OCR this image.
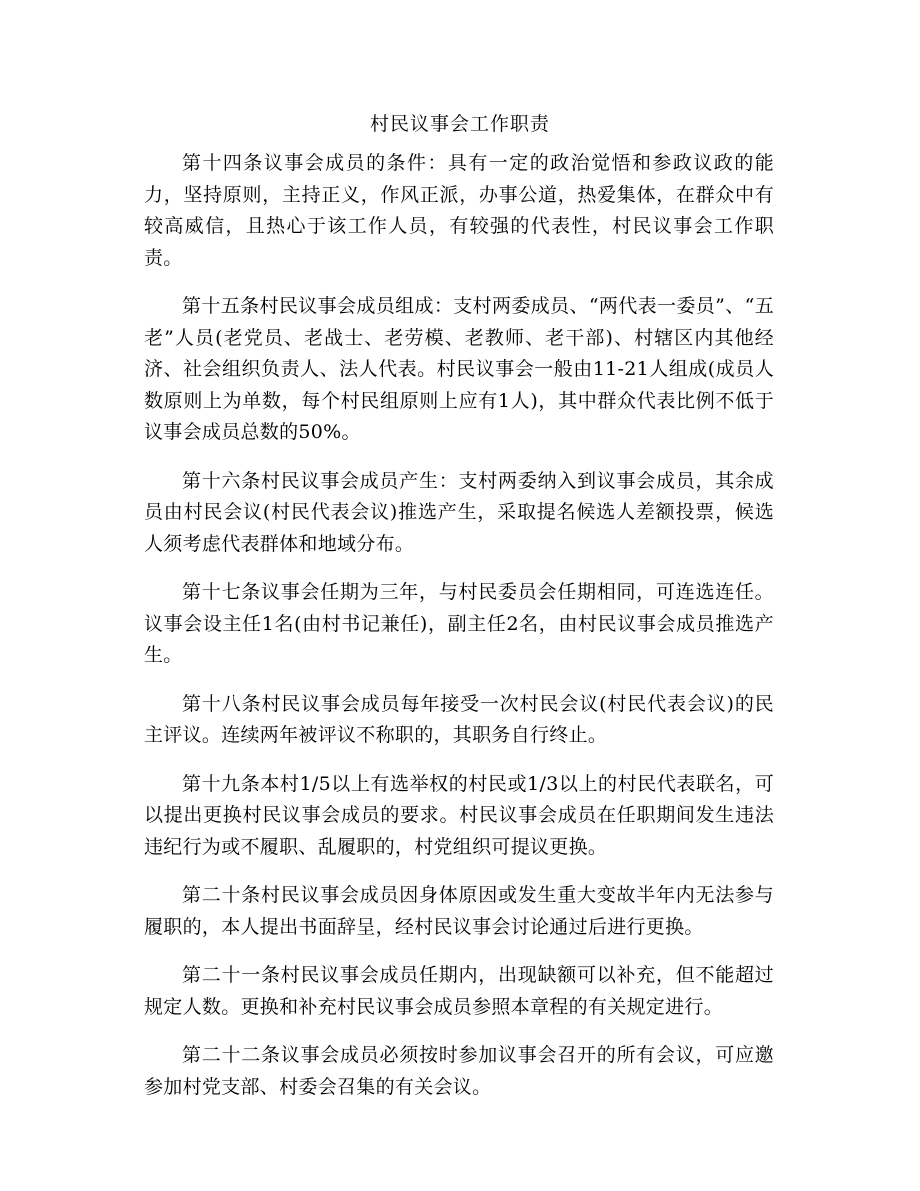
村民议事会工作职责

第十四条议事会成员的条件：具有一定的政治觉悟和参政议政的能力，坚持原则，主持正义，作风正派，办事公道，热爱集体，在群众中有较高威信，且热心于该工作人员，有较强的代表性，村民议事会工作职责。

第十五条村民议事会成员组成：支村两委成员、“两代表一委员”、“五老”人员(老党员、老战士、老劳模、老教师、老干部)、村辖区内其他经济、社会组织负责人、法人代表。村民议事会一般由11-21人组成(成员人数原则上为单数，每个村民组原则上应有1人)，其中群众代表比例不低于议事会成员总数的50%。

第十六条村民议事会成员产生：支村两委纳入到议事会成员，其余成员由村民会议(村民代表会议)推选产生，采取提名候选人差额投票，候选人须考虑代表群体和地域分布。

第十七条议事会任期为三年，与村民委员会任期相同，可连选连任。议事会设主任1名(由村书记兼任)，副主任2名，由村民议事会成员推选产生。

第十八条村民议事会成员每年接受一次村民会议(村民代表会议)的民主评议。连续两年被评议不称职的，其职务自行终止。

第十九条本村1/5以上有选举权的村民或1/3以上的村民代表联名，可以提出更换村民议事会成员的要求。村民议事会成员在任职期间发生违法违纪行为或不履职、乱履职的，村党组织可提议更换。

第二十条村民议事会成员因身体原因或发生重大变故半年内无法参与履职的，本人提出书面辞呈，经村民议事会讨论通过后进行更换。

第二十一条村民议事会成员任期内，出现缺额可以补充，但不能超过规定人数。更换和补充村民议事会成员参照本章程的有关规定进行。

第二十二条议事会成员必须按时参加议事会召开的所有会议，可应邀参加村党支部、村委会召集的有关会议。
